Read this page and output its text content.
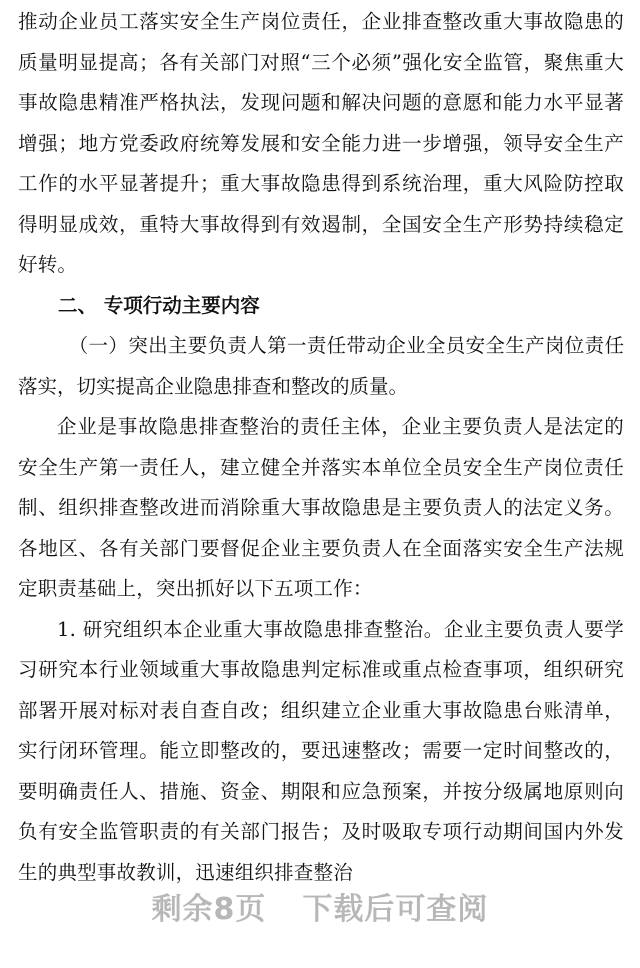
推动企业员工落实安全生产岗位责任，企业排查整改重大事故隐患的质量明显提高；各有关部门对照“三个必须”强化安全监管，聚焦重大事故隐患精准严格执法，发现问题和解决问题的意愿和能力水平显著增强；地方党委政府统筹发展和安全能力进一步增强，领导安全生产工作的水平显著提升；重大事故隐患得到系统治理，重大风险防控取得明显成效，重特大事故得到有效遏制，全国安全生产形势持续稳定好转。

二、 专项行动主要内容

（一）突出主要负责人第一责任带动企业全员安全生产岗位责任落实，切实提高企业隐患排查和整改的质量。

企业是事故隐患排查整治的责任主体，企业主要负责人是法定的安全生产第一责任人，建立健全并落实本单位全员安全生产岗位责任制、组织排查整改进而消除重大事故隐患是主要负责人的法定义务。各地区、各有关部门要督促企业主要负责人在全面落实安全生产法规定职责基础上，突出抓好以下五项工作：

1. 研究组织本企业重大事故隐患排查整治。企业主要负责人要学习研究本行业领域重大事故隐患判定标准或重点检查事项，组织研究部署开展对标对表自查自改；组织建立企业重大事故隐患台账清单，实行闭环管理。能立即整改的，要迅速整改；需要一定时间整改的，要明确责任人、措施、资金、期限和应急预案，并按分级属地原则向负有安全监管职责的有关部门报告；及时吸取专项行动期间国内外发生的典型事故教训，迅速组织排查整治

剩余8页 下载后可查阅
